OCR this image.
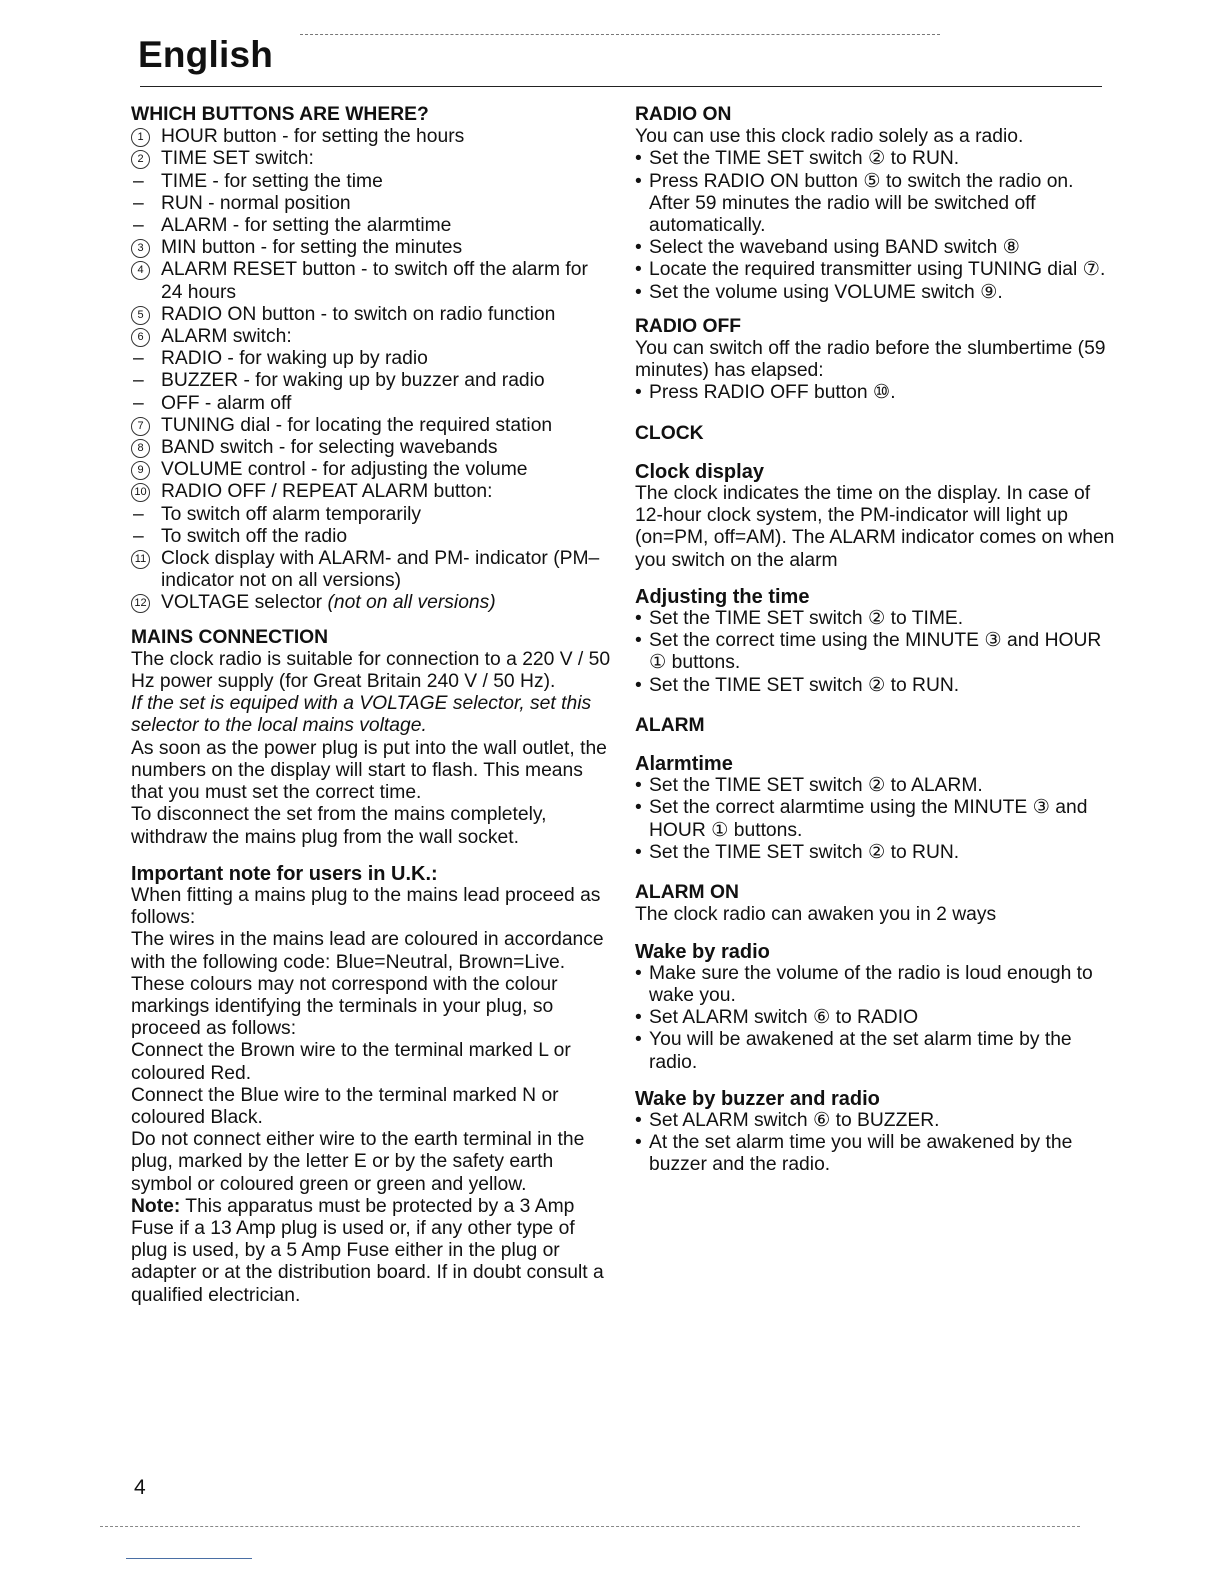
English
WHICH BUTTONS ARE WHERE?
1 HOUR button - for setting the hours
2 TIME SET switch:
– TIME - for setting the time
– RUN - normal position
– ALARM - for setting the alarmtime
3 MIN button - for setting the minutes
4 ALARM RESET button - to switch off the alarm for 24 hours
5 RADIO ON button - to switch on radio function
6 ALARM switch:
– RADIO - for waking up by radio
– BUZZER - for waking up by buzzer and radio
– OFF - alarm off
7 TUNING dial - for locating the required station
8 BAND switch - for selecting wavebands
9 VOLUME control - for adjusting the volume
10 RADIO OFF / REPEAT ALARM button:
– To switch off alarm temporarily
– To switch off the radio
11 Clock display with ALARM- and PM- indicator (PM–indicator not on all versions)
12 VOLTAGE selector (not on all versions)
MAINS CONNECTION

The clock radio is suitable for connection to a 220 V / 50 Hz power supply (for Great Britain 240 V / 50 Hz).

If the set is equiped with a VOLTAGE selector, set this selector to the local mains voltage.

As soon as the power plug is put into the wall outlet, the numbers on the display will start to flash. This means that you must set the correct time.

To disconnect the set from the mains completely, withdraw the mains plug from the wall socket.

Important note for users in U.K.:

When fitting a mains plug to the mains lead proceed as follows:

The wires in the mains lead are coloured in accordance with the following code: Blue=Neutral, Brown=Live.

These colours may not correspond with the colour markings identifying the terminals in your plug, so proceed as follows:

Connect the Brown wire to the terminal marked L or coloured Red.

Connect the Blue wire to the terminal marked N or coloured Black.

Do not connect either wire to the earth terminal in the plug, marked by the letter E or by the safety earth symbol or coloured green or green and yellow.

Note: This apparatus must be protected by a 3 Amp Fuse if a 13 Amp plug is used or, if any other type of plug is used, by a 5 Amp Fuse either in the plug or adapter or at the distribution board. If in doubt consult a qualified electrician.

RADIO ON

You can use this clock radio solely as a radio.

• Set the TIME SET switch ② to RUN.
• Press RADIO ON button ⑤ to switch the radio on. After 59 minutes the radio will be switched off automatically.
• Select the waveband using BAND switch ⑧
• Locate the required transmitter using TUNING dial ⑦.
• Set the volume using VOLUME switch ⑨.
RADIO OFF

You can switch off the radio before the slumbertime (59 minutes) has elapsed:

• Press RADIO OFF button ⑩.
CLOCK
Clock display

The clock indicates the time on the display. In case of 12-hour clock system, the PM-indicator will light up (on=PM, off=AM). The ALARM indicator comes on when you switch on the alarm

Adjusting the time
• Set the TIME SET switch ② to TIME.
• Set the correct time using the MINUTE ③ and HOUR ① buttons.
• Set the TIME SET switch ② to RUN.
ALARM
Alarmtime
• Set the TIME SET switch ② to ALARM.
• Set the correct alarmtime using the MINUTE ③ and HOUR ① buttons.
• Set the TIME SET switch ② to RUN.
ALARM ON

The clock radio can awaken you in 2 ways

Wake by radio
• Make sure the volume of the radio is loud enough to wake you.
• Set ALARM switch ⑥ to RADIO
• You will be awakened at the set alarm time by the radio.
Wake by buzzer and radio
• Set ALARM switch ⑥ to BUZZER.
• At the set alarm time you will be awakened by the buzzer and the radio.
4
